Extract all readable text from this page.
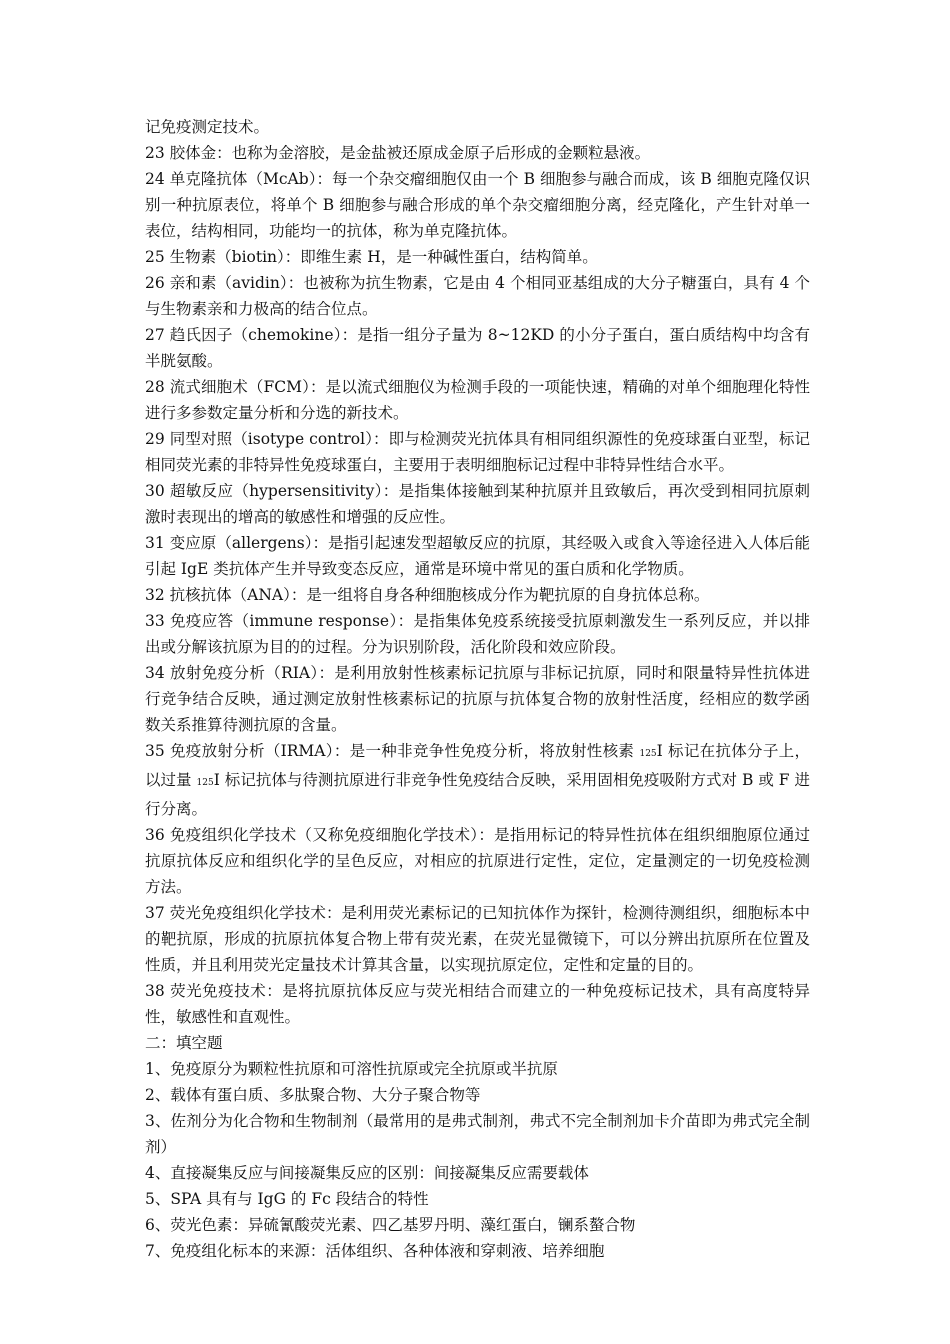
记免疫测定技术。

23 胶体金：也称为金溶胶，是金盐被还原成金原子后形成的金颗粒悬液。

24 单克隆抗体（McAb）：每一个杂交瘤细胞仅由一个 B 细胞参与融合而成，该 B 细胞克隆仅识别一种抗原表位，将单个 B 细胞参与融合形成的单个杂交瘤细胞分离，经克隆化，产生针对单一表位，结构相同，功能均一的抗体，称为单克隆抗体。

25 生物素（biotin）：即维生素 H，是一种碱性蛋白，结构简单。

26 亲和素（avidin）：也被称为抗生物素，它是由 4 个相同亚基组成的大分子糖蛋白，具有 4 个与生物素亲和力极高的结合位点。

27 趋氏因子（chemokine）：是指一组分子量为 8~12KD 的小分子蛋白，蛋白质结构中均含有半胱氨酸。

28 流式细胞术（FCM）：是以流式细胞仪为检测手段的一项能快速，精确的对单个细胞理化特性进行多参数定量分析和分选的新技术。

29 同型对照（isotype control）：即与检测荧光抗体具有相同组织源性的免疫球蛋白亚型，标记相同荧光素的非特异性免疫球蛋白，主要用于表明细胞标记过程中非特异性结合水平。

30 超敏反应（hypersensitivity）：是指集体接触到某种抗原并且致敏后，再次受到相同抗原刺激时表现出的增高的敏感性和增强的反应性。

31 变应原（allergens）：是指引起速发型超敏反应的抗原，其经吸入或食入等途径进入人体后能引起 IgE 类抗体产生并导致变态反应，通常是环境中常见的蛋白质和化学物质。

32 抗核抗体（ANA）：是一组将自身各种细胞核成分作为靶抗原的自身抗体总称。

33 免疫应答（immune response）：是指集体免疫系统接受抗原刺激发生一系列反应，并以排出或分解该抗原为目的的过程。分为识别阶段，活化阶段和效应阶段。

34 放射免疫分析（RIA）：是利用放射性核素标记抗原与非标记抗原，同时和限量特异性抗体进行竞争结合反映，通过测定放射性核素标记的抗原与抗体复合物的放射性活度，经相应的数学函数关系推算待测抗原的含量。

35 免疫放射分析（IRMA）：是一种非竞争性免疫分析，将放射性核素 125I 标记在抗体分子上，以过量 125I 标记抗体与待测抗原进行非竞争性免疫结合反映，采用固相免疫吸附方式对 B 或 F 进行分离。

36 免疫组织化学技术（又称免疫细胞化学技术）：是指用标记的特异性抗体在组织细胞原位通过抗原抗体反应和组织化学的呈色反应，对相应的抗原进行定性，定位，定量测定的一切免疫检测方法。

37 荧光免疫组织化学技术：是利用荧光素标记的已知抗体作为探针，检测待测组织，细胞标本中的靶抗原，形成的抗原抗体复合物上带有荧光素，在荧光显微镜下，可以分辨出抗原所在位置及性质，并且利用荧光定量技术计算其含量，以实现抗原定位，定性和定量的目的。

38 荧光免疫技术：是将抗原抗体反应与荧光相结合而建立的一种免疫标记技术，具有高度特异性，敏感性和直观性。

二：填空题

1、免疫原分为颗粒性抗原和可溶性抗原或完全抗原或半抗原

2、载体有蛋白质、多肽聚合物、大分子聚合物等

3、佐剂分为化合物和生物制剂（最常用的是弗式制剂，弗式不完全制剂加卡介苗即为弗式完全制剂）

4、直接凝集反应与间接凝集反应的区别：间接凝集反应需要载体

5、SPA 具有与 IgG 的 Fc 段结合的特性

6、荧光色素：异硫氰酸荧光素、四乙基罗丹明、藻红蛋白，镧系螯合物

7、免疫组化标本的来源：活体组织、各种体液和穿刺液、培养细胞
